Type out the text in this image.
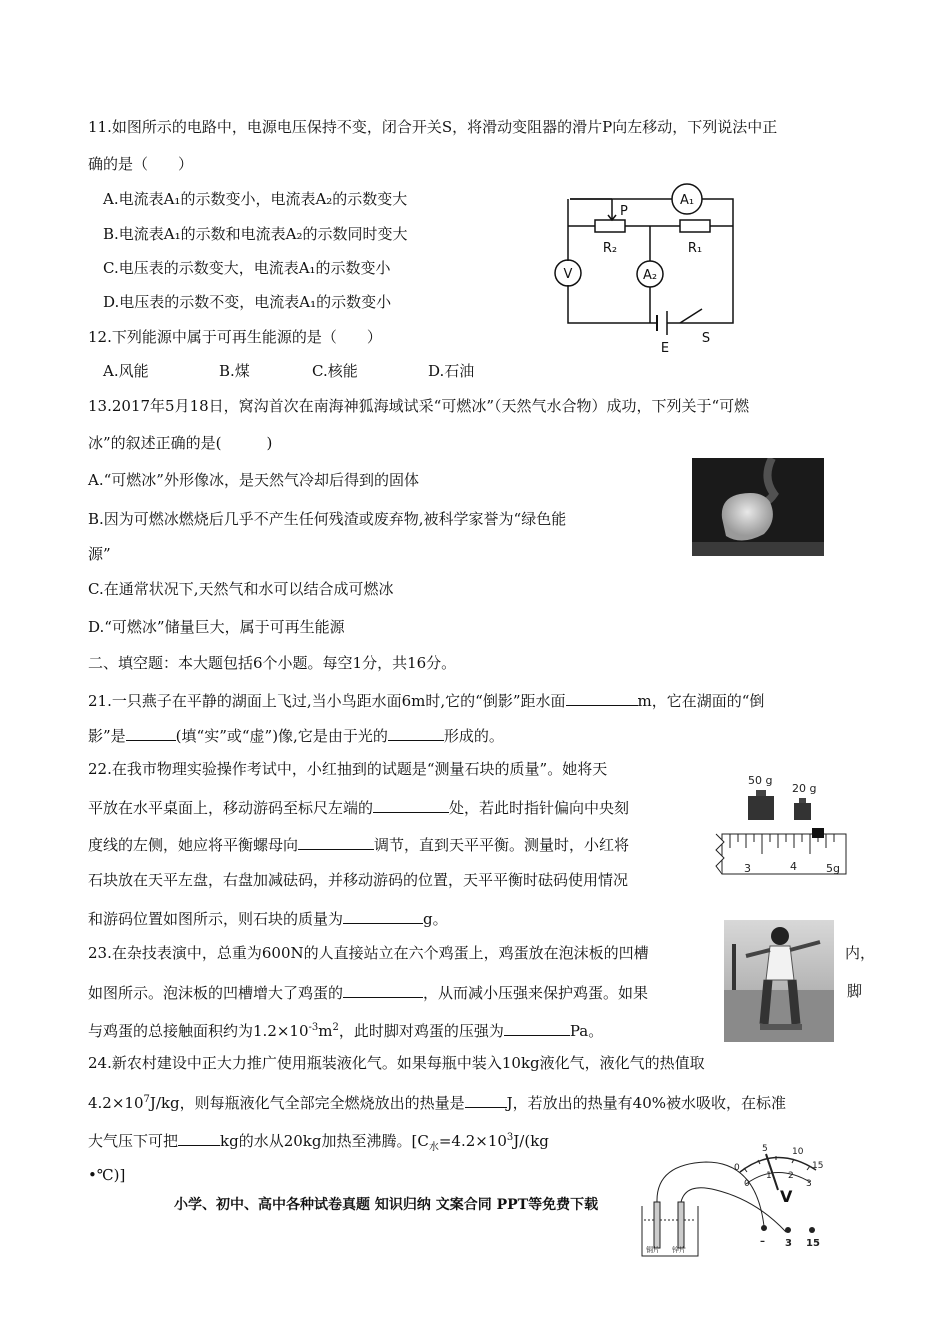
11.如图所示的电路中，电源电压保持不变，闭合开关S，将滑动变阻器的滑片P向左移动，下列说法中正
确的是（　　）
A.电流表A₁的示数变小，电流表A₂的示数变大
B.电流表A₁的示数和电流表A₂的示数同时变大
C.电压表的示数变大，电流表A₁的示数变小
D.电压表的示数不变，电流表A₁的示数变小
A₁
P
R₂	R₁
V	A₂
E
S
12.下列能源中属于可再生能源的是（　　）
A.风能	B.煤	C.核能	D.石油
13.2017年5月18日，窝沟首次在南海神狐海域试采“可燃冰”（天然气水合物）成功，下列关于“可燃
冰”的叙述正确的是(　　　)
A.“可燃冰”外形像冰，是天然气冷却后得到的固体
B.因为可燃冰燃烧后几乎不产生任何残渣或废弃物,被科学家誉为“绿色能
源”
C.在通常状况下,天然气和水可以结合成可燃冰
D.“可燃冰”储量巨大，属于可再生能源
二、填空题：本大题包括6个小题。每空1分，共16分。
21.一只燕子在平静的湖面上飞过,当小鸟距水面6m时,它的“倒影”距水面	m，它在湖面的“倒
影”是	(填“实”或“虚”)像,它是由于光的	形成的。
22.在我市物理实验操作考试中，小红抽到的试题是“测量石块的质量”。她将天
平放在水平桌面上，移动游码至标尺左端的	处，若此时指针偏向中央刻
度线的左侧，她应将平衡螺母向	调节，直到天平平衡。测量时，小红将
石块放在天平左盘，右盘加减砝码，并移动游码的位置，天平平衡时砝码使用情况
和游码位置如图所示，则石块的质量为	g。
50 g
20 g
3	4	5g
23.在杂技表演中，总重为600N的人直接站立在六个鸡蛋上，鸡蛋放在泡沫板的凹槽	内，
如图所示。泡沫板的凹槽增大了鸡蛋的	，从而减小压强来保护鸡蛋。如果	脚
与鸡蛋的总接触面积约为$1.2\times 10^{-3}m^2$，此时脚对鸡蛋的压强为	Pa。
24.新农村建设中正大力推广使用瓶装液化气。如果每瓶中装入10kg液化气，液化气的热值取
$4.2\times 10^7J/kg$，则每瓶液化气全部完全燃烧放出的热量是	J，若放出的热量有40%被水吸收，在标准
大气压下可把	kg的水从20kg加热至沸腾。[$C_水=4.2\times 10^3J/(kg$
•℃)]
小学、初中、高中各种试卷真题 知识归纳 文案合同 PPT等免费下载
0
5	10
15
0
1 2
3
铜片 锌片
V
– 3 15
